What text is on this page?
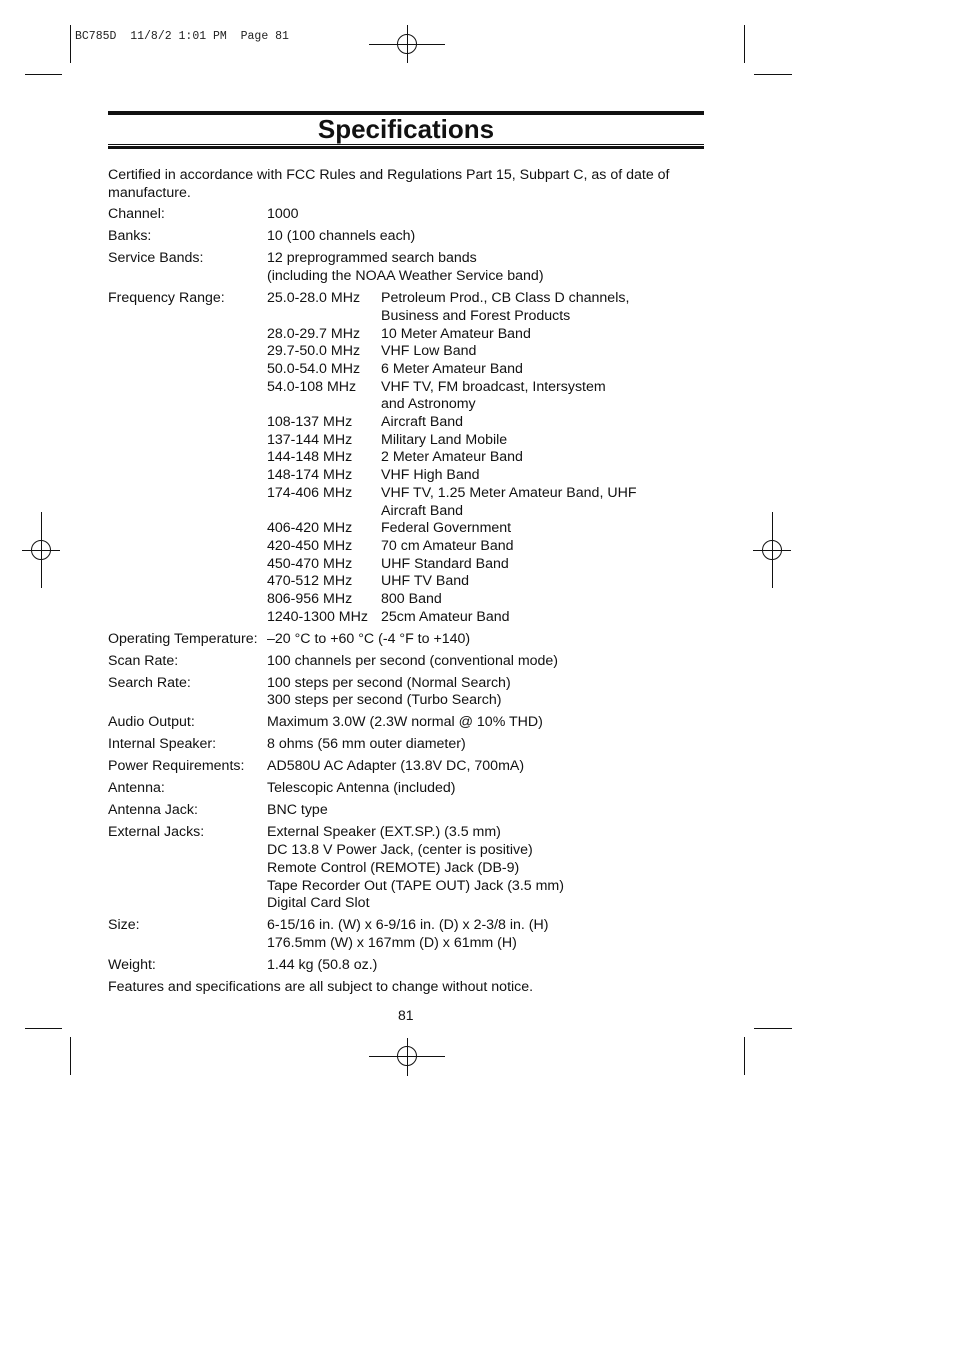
BC785D  11/8/2 1:01 PM  Page 81
Specifications

Certified in accordance with FCC Rules and Regulations Part 15, Subpart C, as of date of manufacture.

Channel:	1000
Banks:	10 (100 channels each)
Service Bands:	12 preprogrammed search bands
(including the NOAA Weather Service band)
Frequency Range:	25.0-28.0 MHz	Petroleum Prod., CB Class D channels,
Business and Forest Products
28.0-29.7 MHz	10 Meter Amateur Band
29.7-50.0 MHz	VHF Low Band
50.0-54.0 MHz	6 Meter Amateur Band
54.0-108 MHz	VHF TV, FM broadcast, Intersystem
and Astronomy
108-137 MHz	Aircraft Band
137-144 MHz	Military Land Mobile
144-148 MHz	2 Meter Amateur Band
148-174 MHz	VHF High Band
174-406 MHz	VHF TV, 1.25 Meter Amateur Band, UHF
Aircraft Band
406-420 MHz	Federal Government
420-450 MHz	70 cm Amateur Band
450-470 MHz	UHF Standard Band
470-512 MHz	UHF TV Band
806-956 MHz	800 Band
1240-1300 MHz 25cm Amateur Band
Operating Temperature: –20 °C to +60 °C (-4 °F to +140)
Scan Rate:	100 channels per second (conventional mode)
Search Rate:	100 steps per second (Normal Search)
300 steps per second (Turbo Search)
Audio Output:	Maximum 3.0W (2.3W normal @ 10% THD)
Internal Speaker:	8 ohms (56 mm outer diameter)
Power Requirements:	AD580U AC Adapter (13.8V DC, 700mA)
Antenna:	Telescopic Antenna (included)
Antenna Jack:	BNC type
External Jacks:	External Speaker (EXT.SP.) (3.5 mm)
DC 13.8 V Power Jack, (center is positive)
Remote Control (REMOTE) Jack (DB-9)
Tape Recorder Out (TAPE OUT) Jack (3.5 mm)
Digital Card Slot
Size:	6-15/16 in. (W) x 6-9/16 in. (D) x 2-3/8 in. (H)
176.5mm (W) x 167mm (D) x 61mm (H)
Weight:	1.44 kg (50.8 oz.)
Features and specifications are all subject to change without notice.
81
